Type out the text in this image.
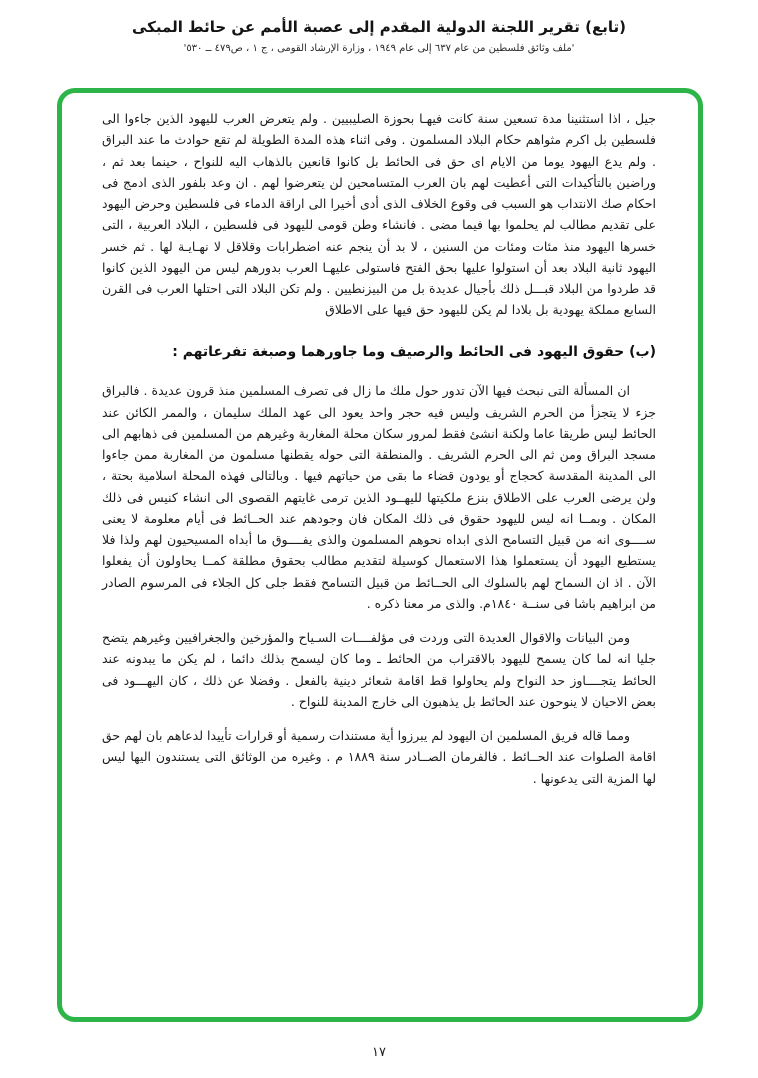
(تابع) تقرير اللجنة الدولية المقدم إلى عصبة الأمم عن حائط المبكى
'ملف وثائق فلسطين من عام ٦٣٧ إلى عام ١٩٤٩ ، وزارة الإرشاد القومى ، ج ١ ، ص٤٧٩ ــ ٥٣٠'

جيل ، اذا استثنينا مدة تسعين سنة كانت فيهـا بحوزة الصليبيين . ولم يتعرض العرب لليهود الذين جاءوا الى فلسطين بل اكرم مثواهم حكام البلاد المسلمون . وفى اثناء هذه المدة الطويلة لم تقع حوادث ما عند البراق . ولم يدع اليهود يوما من الايام اى حق فى الحائط بل كانوا قانعين بالذهاب اليه للنواح ، حينما بعد ثم ، وراضين بالتأكيدات التى أعطيت لهم بان العرب المتسامحين لن يتعرضوا لهم . ان وعد بلفور الذى ادمج فى احكام صك الانتداب هو السبب فى وقوع الخلاف الذى أدى أخيرا الى اراقة الدماء فى فلسطين وحرض اليهود على تقديم مطالب لم يحلموا بها فيما مضى . فانشاء وطن قومى لليهود فى فلسطين ، البلاد العربية ، التى خسرها اليهود منذ مئات ومئات من السنين ، لا بد أن ينجم عنه اضطرابات وقلاقل لا نهـايـة لها . ثم خسر اليهود ثانية البلاد بعد أن استولوا عليها بحق الفتح فاستولى عليهـا العرب بدورهم ليس من اليهود الذين كانوا قد طردوا من البلاد قبـــل ذلك بأجيال عديدة بل من البيزنطيين . ولم تكن البلاد التى احتلها العرب فى القرن السابع مملكة يهودية بل بلادا لم يكن لليهود حق فيها على الاطلاق

(ب) حقوق اليهود فى الحائط والرصيف وما جاورهما وصبغة تفرعاتهم :

ان المسألة التى نبحث فيها الآن تدور حول ملك ما زال فى تصرف المسلمين منذ قرون عديدة . فالبراق جزء لا يتجزأ من الحرم الشريف وليس فيه حجر واحد يعود الى عهد الملك سليمان ، والممر الكائن عند الحائط ليس طريقا عاما ولكنة انشئ فقط لمرور سكان محلة المغاربة وغيرهم من المسلمين فى ذهابهم الى مسجد البراق ومن ثم الى الحرم الشريف . والمنطقة التى حوله يقطنها مسلمون من المغاربة ممن جاءوا الى المدينة المقدسة كحجاج أو يودون قضاء ما بقى من حياتهم فيها . وبالتالى فهذه المحلة اسلامية بحتة ، ولن يرضى العرب على الاطلاق بنزع ملكيتها لليهــود الذين ترمى غايتهم القصوى الى انشاء كنيس فى ذلك المكان . وبمــا انه ليس لليهود حقوق فى ذلك المكان فان وجودهم عند الحــائط فى أيام معلومة لا يعنى ســــوى انه من قبيل التسامح الذى ابداه نحوهم المسلمون والذى يفــــوق ما أبداه المسيحيون لهم ولذا فلا يستطيع اليهود أن يستعملوا هذا الاستعمال كوسيلة لتقديم مطالب بحقوق مطلقة كمــا يحاولون أن يفعلوا الآن . اذ ان السماح لهم بالسلوك الى الحــائط من قبيل التسامح فقط جلى كل الجلاء فى المرسوم الصادر من ابراهيم باشا فى سنــة ١٨٤٠م. والذى مر معنا ذكره .

ومن البيانات والاقوال العديدة التى وردت فى مؤلفــــات السـياح والمؤرخين والجغرافيين وغيرهم يتضح جليا انه لما كان يسمح لليهود بالاقتراب من الحائط ـ وما كان ليسمح بذلك دائما ، لم يكن ما يبدونه عند الحائط يتجــــاوز حد النواح ولم يحاولوا قط اقامة شعائر دينية بالفعل . وفضلا عن ذلك ، كان اليهـــود فى بعض الاحيان لا ينوحون عند الحائط بل يذهبون الى خارج المدينة للنواح .

ومما قاله فريق المسلمين ان اليهود لم يبرزوا أية مستندات رسمية أو قرارات تأييدا لدعاهم بان لهم حق اقامة الصلوات عند الحــائط . فالفرمان الصــادر سنة ١٨٨٩ م . وغيره من الوثائق التى يستندون اليها ليس لها المزية التى يدعونها .

١٧
